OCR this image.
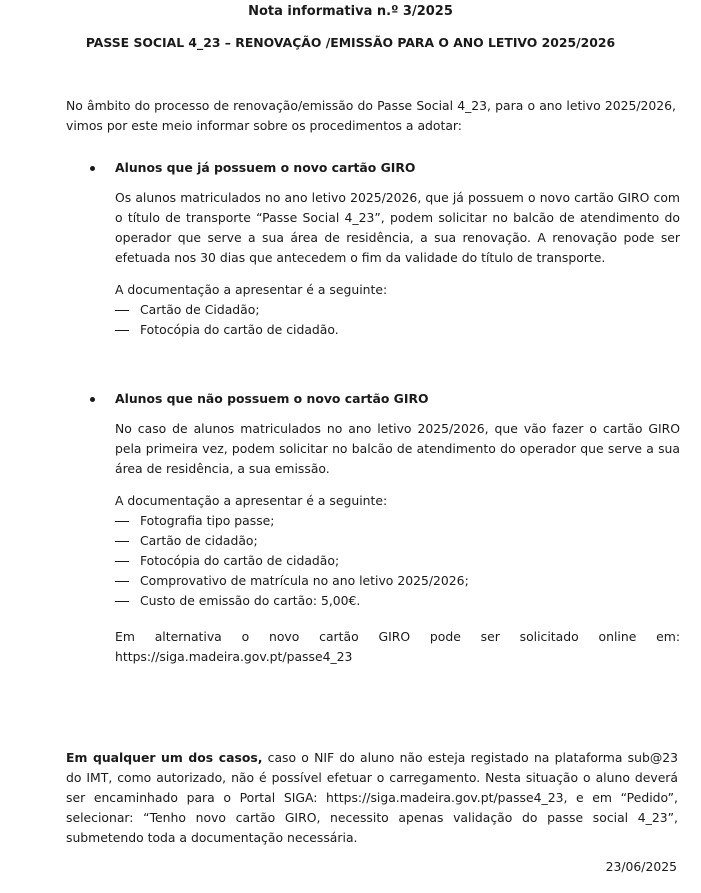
Nota informativa n.º 3/2025
PASSE SOCIAL 4_23 – RENOVAÇÃO /EMISSÃO PARA O ANO LETIVO 2025/2026
No âmbito do processo de renovação/emissão do Passe Social 4_23, para o ano letivo 2025/2026, vimos por este meio informar sobre os procedimentos a adotar:
Alunos que já possuem o novo cartão GIRO
Os alunos matriculados no ano letivo 2025/2026, que já possuem o novo cartão GIRO com o título de transporte “Passe Social 4_23”, podem solicitar no balcão de atendimento do operador que serve a sua área de residência, a sua renovação. A renovação pode ser efetuada nos 30 dias que antecedem o fim da validade do título de transporte.
A documentação a apresentar é a seguinte:
Cartão de Cidadão;
Fotocópia do cartão de cidadão.
Alunos que não possuem o novo cartão GIRO
No caso de alunos matriculados no ano letivo 2025/2026, que vão fazer o cartão GIRO pela primeira vez, podem solicitar no balcão de atendimento do operador que serve a sua área de residência, a sua emissão.
A documentação a apresentar é a seguinte:
Fotografia tipo passe;
Cartão de cidadão;
Fotocópia do cartão de cidadão;
Comprovativo de matrícula no ano letivo 2025/2026;
Custo de emissão do cartão: 5,00€.
Em alternativa o novo cartão GIRO pode ser solicitado online em:
https://siga.madeira.gov.pt/passe4_23
Em qualquer um dos casos, caso o NIF do aluno não esteja registado na plataforma sub@23 do IMT, como autorizado, não é possível efetuar o carregamento. Nesta situação o aluno deverá ser encaminhado para o Portal SIGA: https://siga.madeira.gov.pt/passe4_23, e em “Pedido”, selecionar: “Tenho novo cartão GIRO, necessito apenas validação do passe social 4_23”, submetendo toda a documentação necessária.
23/06/2025
